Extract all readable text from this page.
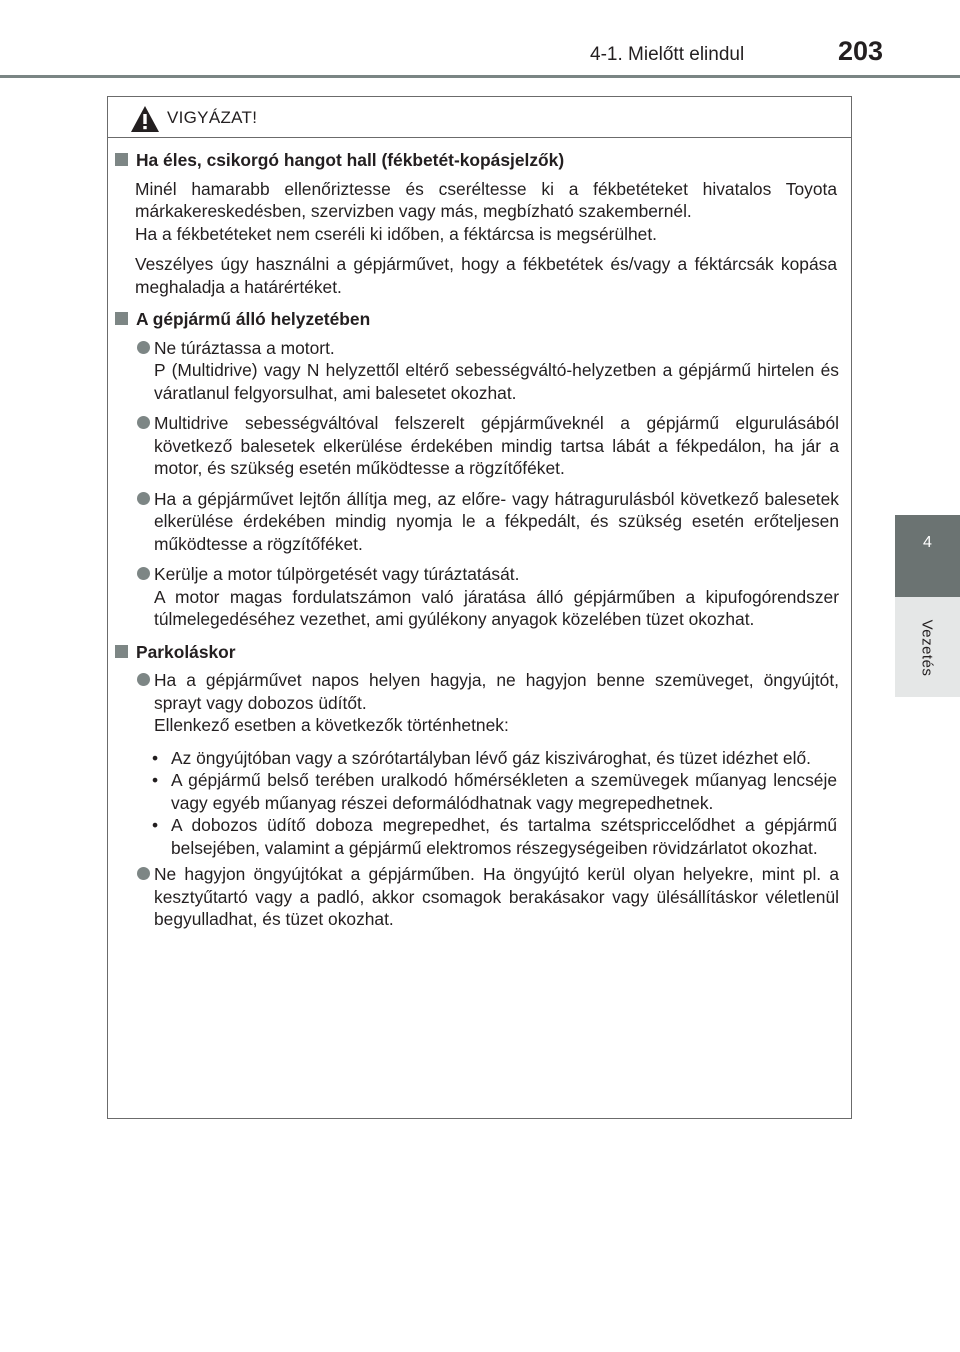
4-1. Mielőtt elindul	203
4
Vezetés
VIGYÁZAT!
Ha éles, csikorgó hangot hall (fékbetét-kopásjelzők)
Minél hamarabb ellenőriztesse és cseréltesse ki a fékbetéteket hivatalos Toyota márkakereskedésben, szervizben vagy más, megbízható szakembernél.
Ha a fékbetéteket nem cseréli ki időben, a féktárcsa is megsérülhet.
Veszélyes úgy használni a gépjárművet, hogy a fékbetétek és/vagy a féktárcsák kopása meghaladja a határértéket.
A gépjármű álló helyzetében
Ne túráztassa a motort.
P (Multidrive) vagy N helyzettől eltérő sebességváltó-helyzetben a gépjármű hirtelen és váratlanul felgyorsulhat, ami balesetet okozhat.
Multidrive sebességváltóval felszerelt gépjárműveknél a gépjármű elgurulásából következő balesetek elkerülése érdekében mindig tartsa lábát a fékpedálon, ha jár a motor, és szükség esetén működtesse a rögzítőféket.
Ha a gépjárművet lejtőn állítja meg, az előre- vagy hátragurulásból következő balesetek elkerülése érdekében mindig nyomja le a fékpedált, és szükség esetén erőteljesen működtesse a rögzítőféket.
Kerülje a motor túlpörgetését vagy túráztatását.
A motor magas fordulatszámon való járatása álló gépjárműben a kipufogórendszer túlmelegedéséhez vezethet, ami gyúlékony anyagok közelében tüzet okozhat.
Parkoláskor
Ha a gépjárművet napos helyen hagyja, ne hagyjon benne szemüveget, öngyújtót, sprayt vagy dobozos üdítőt.
Ellenkező esetben a következők történhetnek:
• Az öngyújtóban vagy a szórótartályban lévő gáz kiszivároghat, és tüzet idézhet elő.
• A gépjármű belső terében uralkodó hőmérsékleten a szemüvegek műanyag lencséje vagy egyéb műanyag részei deformálódhatnak vagy megrepedhetnek.
• A dobozos üdítő doboza megrepedhet, és tartalma szétspriccelődhet a gépjármű belsejében, valamint a gépjármű elektromos részegységeiben rövidzárlatot okozhat.
Ne hagyjon öngyújtókat a gépjárműben. Ha öngyújtó kerül olyan helyekre, mint pl. a kesztyűtartó vagy a padló, akkor csomagok berakásakor vagy ülésállításkor véletlenül begyulladhat, és tüzet okozhat.
